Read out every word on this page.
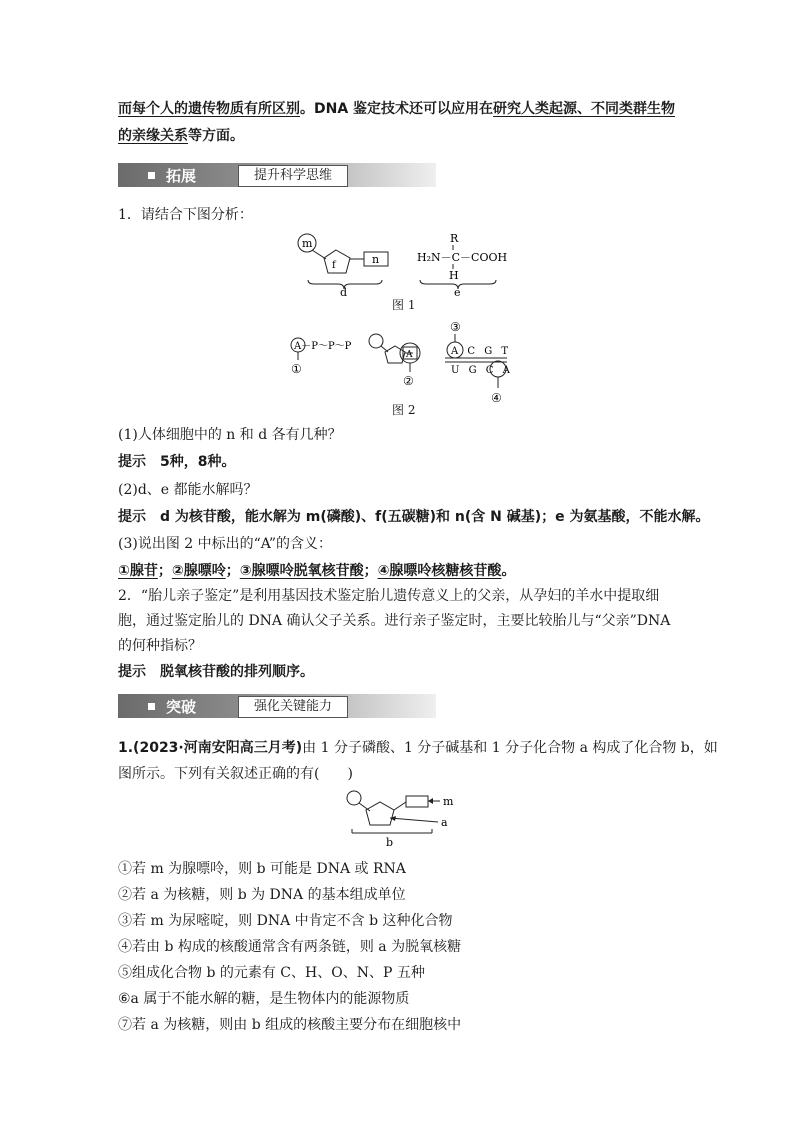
而每个人的遗传物质有所区别。DNA 鉴定技术还可以应用在研究人类起源、不同类群生物
的亲缘关系等方面。
拓展	提升科学思维
1．请结合下图分析：
m
f	n
d
R
H₂N－C－COOH
H
e
图 1
A－P～P～P
①
A
②
③
A C G T
U G C A
④
图 2
(1)人体细胞中的 n 和 d 各有几种？
提示　 5种，8种。
(2)d、e 都能水解吗？
提示　 d 为核苷酸，能水解为 m(磷酸)、f(五碳糖)和 n(含 N 碱基)；e 为氨基酸，不能水解。
(3)说出图 2 中标出的“A”的含义：
①腺苷；②腺嘌呤；③腺嘌呤脱氧核苷酸；④腺嘌呤核糖核苷酸。
2．“胎儿亲子鉴定”是利用基因技术鉴定胎儿遗传意义上的父亲，从孕妇的羊水中提取细
胞，通过鉴定胎儿的 DNA 确认父子关系。进行亲子鉴定时，主要比较胎儿与“父亲”DNA
的何种指标？
提示　 脱氧核苷酸的排列顺序。
突破	强化关键能力
1.(2023·河南安阳高三月考)由 1 分子磷酸、1 分子碱基和 1 分子化合物 a 构成了化合物 b，如
图所示。下列有关叙述正确的有(　　)
m
a
b
①若 m 为腺嘌呤，则 b 可能是 DNA 或 RNA
②若 a 为核糖，则 b 为 DNA 的基本组成单位
③若 m 为尿嘧啶，则 DNA 中肯定不含 b 这种化合物
④若由 b 构成的核酸通常含有两条链，则 a 为脱氧核糖
⑤组成化合物 b 的元素有 C、H、O、N、P 五种
⑥a 属于不能水解的糖，是生物体内的能源物质
⑦若 a 为核糖，则由 b 组成的核酸主要分布在细胞核中
